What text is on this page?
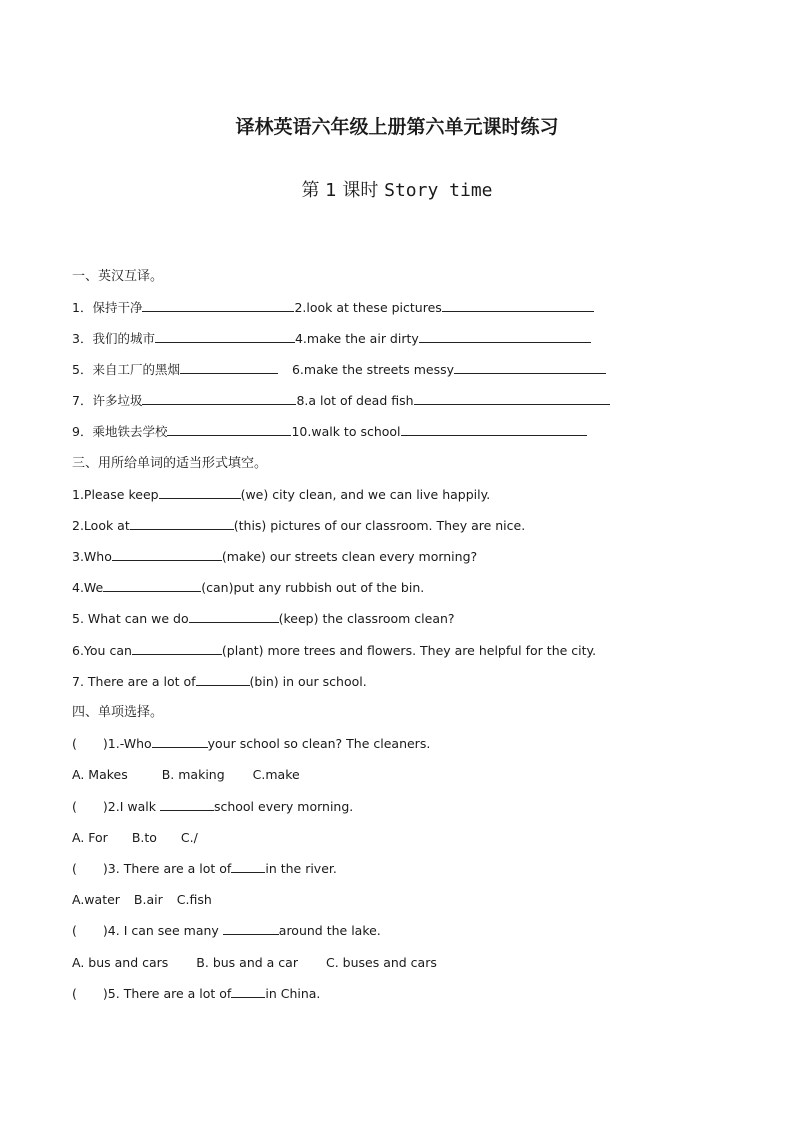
译林英语六年级上册第六单元课时练习
第 1 课时 Story time
一、英汉互译。
1．保持干净	2.look at these pictures
3．我们的城市	4.make the air dirty
5．来自工厂的黑烟	6.make the streets messy
7．许多垃圾	8.a lot of dead fish
9．乘地铁去学校	10.walk to school
三、用所给单词的适当形式填空。
1.Please keep	(we) city clean, and we can live happily.
2.Look at	(this) pictures of our classroom. They are nice.
3.Who	(make) our streets clean every morning?
4.We	(can)put any rubbish out of the bin.
5. What can we do	(keep) the classroom clean?
6.You can	(plant) more trees and flowers. They are helpful for the city.
7. There are a lot of	(bin) in our school.
四、单项选择。
( )1.-Who	your school so clean? The cleaners.
A. Makes	B. making C.make
( )2.I walk	school every morning.
A. For B.to C./
( )3. There are a lot of	in the river.
A.water B.air C.fish
( )4. I can see many	around the lake.
A. bus and cars B. bus and a car C. buses and cars
( )5. There are a lot of	in China.
